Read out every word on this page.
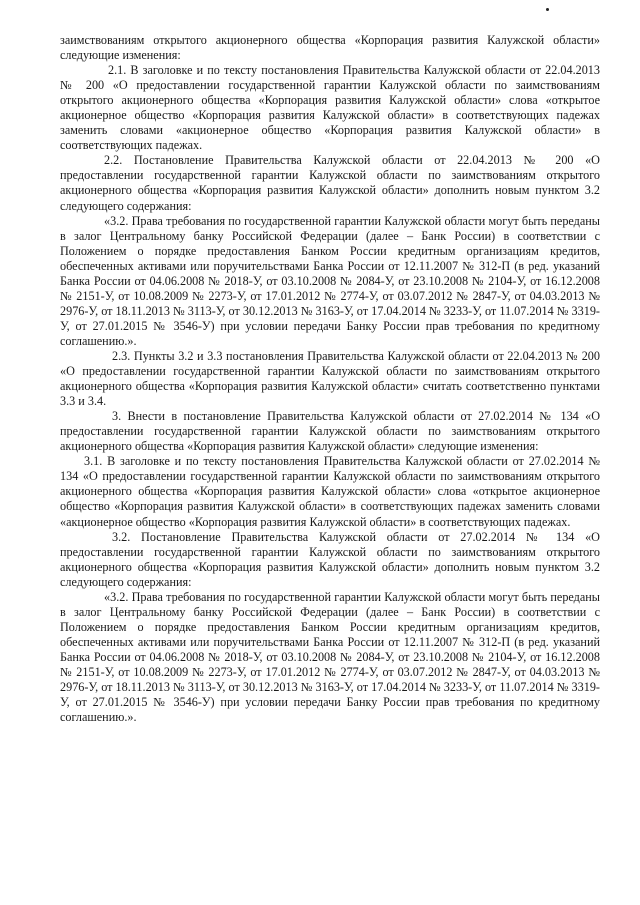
заимствованиям открытого акционерного общества «Корпорация развития Калужской области» следующие изменения:

2.1. В заголовке и по тексту постановления Правительства Калужской области от 22.04.2013 № 200 «О предоставлении государственной гарантии Калужской области по заимствованиям открытого акционерного общества «Корпорация развития Калужской области» слова «открытое акционерное общество «Корпорация развития Калужской области» в соответствующих падежах заменить словами «акционерное общество «Корпорация развития Калужской области» в соответствующих падежах.

2.2. Постановление Правительства Калужской области от 22.04.2013 № 200 «О предоставлении государственной гарантии Калужской области по заимствованиям открытого акционерного общества «Корпорация развития Калужской области» дополнить новым пунктом 3.2 следующего содержания:

«3.2. Права требования по государственной гарантии Калужской области могут быть переданы в залог Центральному банку Российской Федерации (далее – Банк России) в соответствии с Положением о порядке предоставления Банком России кредитным организациям кредитов, обеспеченных активами или поручительствами Банка России от 12.11.2007 № 312-П (в ред. указаний Банка России от 04.06.2008 № 2018-У, от 03.10.2008 № 2084-У, от 23.10.2008 № 2104-У, от 16.12.2008 № 2151-У, от 10.08.2009 № 2273-У, от 17.01.2012 № 2774-У, от 03.07.2012 № 2847-У, от 04.03.2013 № 2976-У, от 18.11.2013 № 3113-У, от 30.12.2013 № 3163-У, от 17.04.2014 № 3233-У, от 11.07.2014 № 3319-У, от 27.01.2015 № 3546-У) при условии передачи Банку России прав требования по кредитному соглашению.».

2.3. Пункты 3.2 и 3.3 постановления Правительства Калужской области от 22.04.2013 № 200 «О предоставлении государственной гарантии Калужской области по заимствованиям открытого акционерного общества «Корпорация развития Калужской области» считать соответственно пунктами 3.3 и 3.4.

3. Внести в постановление Правительства Калужской области от 27.02.2014 № 134 «О предоставлении государственной гарантии Калужской области по заимствованиям открытого акционерного общества «Корпорация развития Калужской области» следующие изменения:

3.1. В заголовке и по тексту постановления Правительства Калужской области от 27.02.2014 № 134 «О предоставлении государственной гарантии Калужской области по заимствованиям открытого акционерного общества «Корпорация развития Калужской области» слова «открытое акционерное общество «Корпорация развития Калужской области» в соответствующих падежах заменить словами «акционерное общество «Корпорация развития Калужской области» в соответствующих падежах.

3.2. Постановление Правительства Калужской области от 27.02.2014 № 134 «О предоставлении государственной гарантии Калужской области по заимствованиям открытого акционерного общества «Корпорация развития Калужской области» дополнить новым пунктом 3.2 следующего содержания:

«3.2. Права требования по государственной гарантии Калужской области могут быть переданы в залог Центральному банку Российской Федерации (далее – Банк России) в соответствии с Положением о порядке предоставления Банком России кредитным организациям кредитов, обеспеченных активами или поручительствами Банка России от 12.11.2007 № 312-П (в ред. указаний Банка России от 04.06.2008 № 2018-У, от 03.10.2008 № 2084-У, от 23.10.2008 № 2104-У, от 16.12.2008 № 2151-У, от 10.08.2009 № 2273-У, от 17.01.2012 № 2774-У, от 03.07.2012 № 2847-У, от 04.03.2013 № 2976-У, от 18.11.2013 № 3113-У, от 30.12.2013 № 3163-У, от 17.04.2014 № 3233-У, от 11.07.2014 № 3319-У, от 27.01.2015 № 3546-У) при условии передачи Банку России прав требования по кредитному соглашению.».
